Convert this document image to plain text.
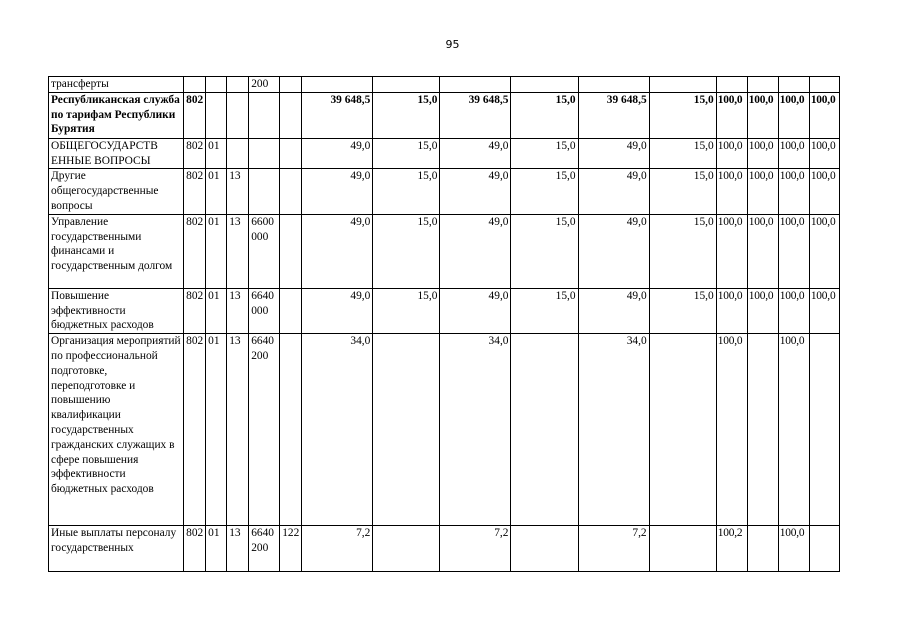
95
трансферты				200											
Республиканская служба по тарифам Республики Бурятия	802					39 648,5	15,0	39 648,5	15,0	39 648,5	15,0	100,0	100,0	100,0	100,0
ОБЩЕГОСУДАРСТВ ЕННЫЕ ВОПРОСЫ	802	01				49,0	15,0	49,0	15,0	49,0	15,0	100,0	100,0	100,0	100,0
Другие общегосударственные вопросы	802	01	13			49,0	15,0	49,0	15,0	49,0	15,0	100,0	100,0	100,0	100,0
Управление государственными финансами и государственным долгом	802	01	13	6600 000		49,0	15,0	49,0	15,0	49,0	15,0	100,0	100,0	100,0	100,0
Повышение эффективности бюджетных расходов	802	01	13	6640 000		49,0	15,0	49,0	15,0	49,0	15,0	100,0	100,0	100,0	100,0
Организация мероприятий по профессиональной подготовке, переподготовке и повышению квалификации государственных гражданских служащих в сфере повышения эффективности бюджетных расходов	802	01	13	6640 200		34,0		34,0		34,0		100,0		100,0	
Иные выплаты персоналу государственных	802	01	13	6640 200	122	7,2		7,2		7,2		100,2		100,0	
